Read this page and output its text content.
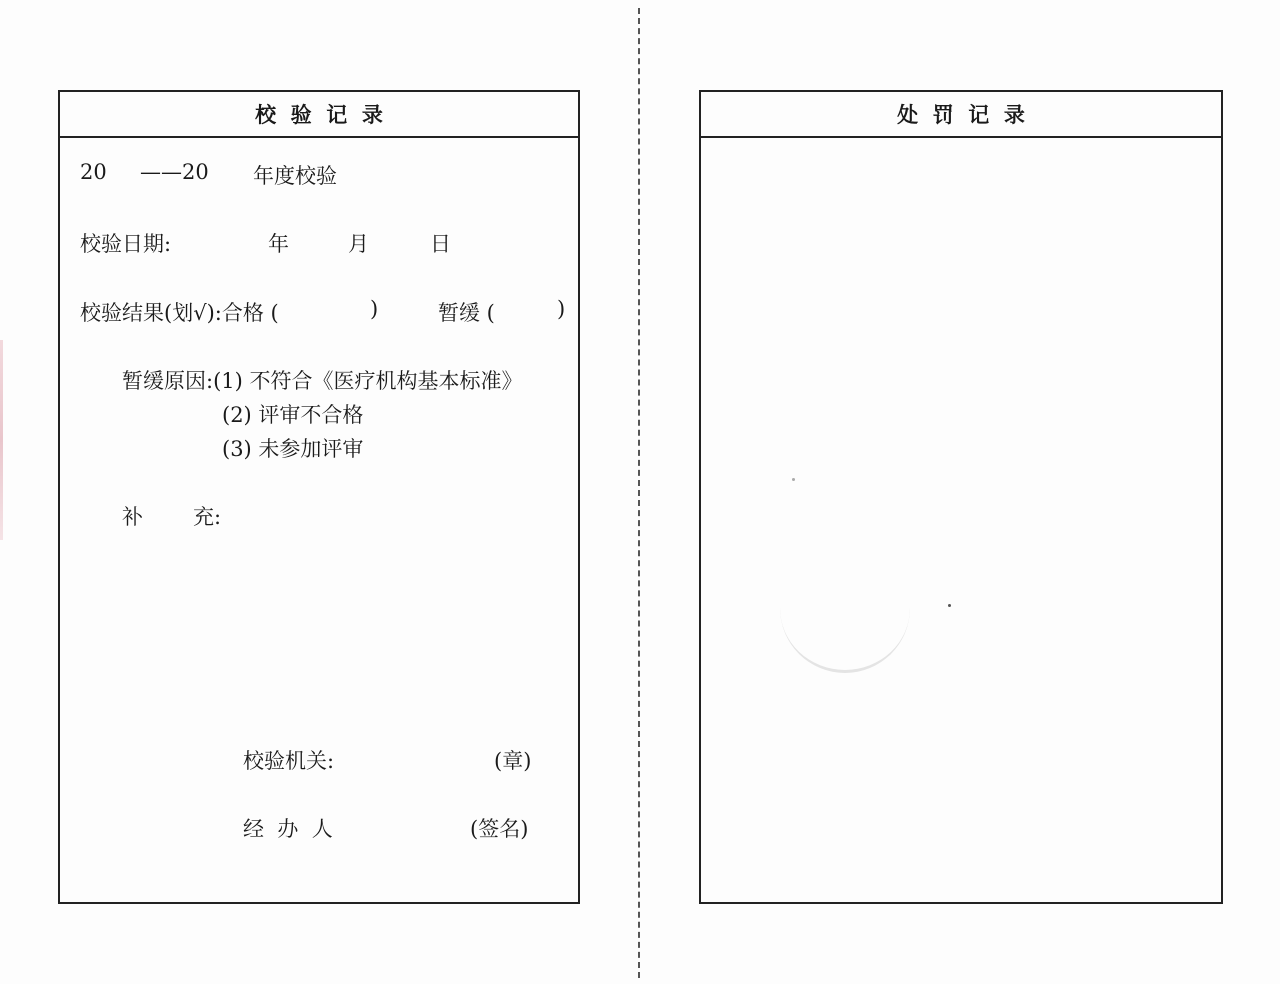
校  验  记  录
20 ——20 年度校验
校验日期:	年	月	日
校验结果(划√):合格 (	)	暂缓 (	)
暂缓原因:(1) 不符合《医疗机构基本标准》
(2) 评审不合格
(3) 未参加评审
补 充:
校验机关:	(章)
经  办  人	(签名)
处  罚  记  录
